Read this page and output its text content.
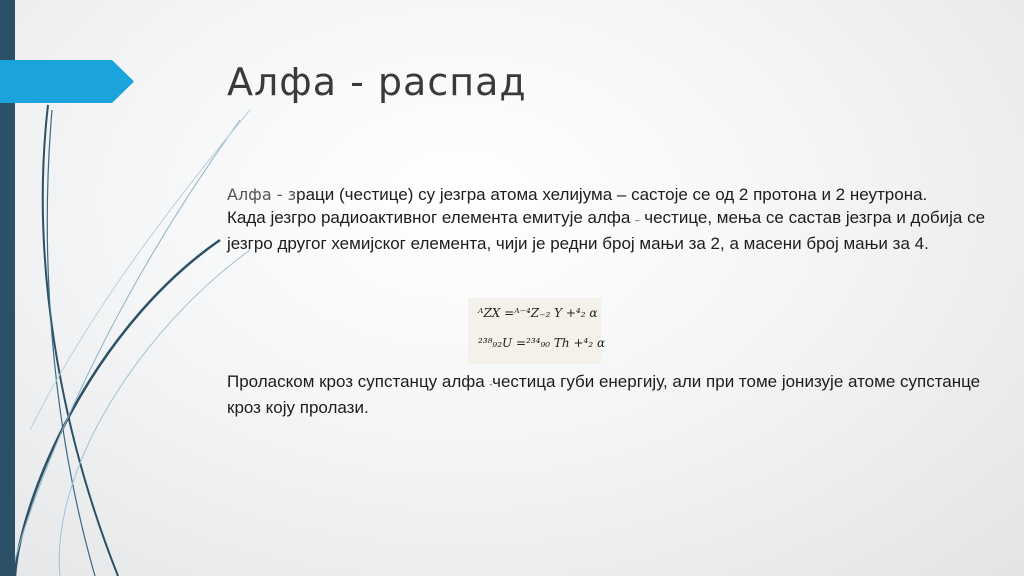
Алфа - распад

Алфа - зраци (честице) су језгра атома хелијума – састоје се од 2 протона и 2 неутрона.

Када језгро радиоактивног елемента емитује алфа – честице, мења се састав језгра и добија се језгро другог хемијског елемента, чији је редни број мањи за 2, а масени број мањи за 4.

ᴬZX =ᴬ⁻⁴Z₋₂ Y +⁴₂ α
²³⁸₉₂U =²³⁴₉₀ Th +⁴₂ α

Проласком кроз супстанцу алфа -честица губи енергију, али при томе јонизује атоме супстанце кроз коју пролази.
